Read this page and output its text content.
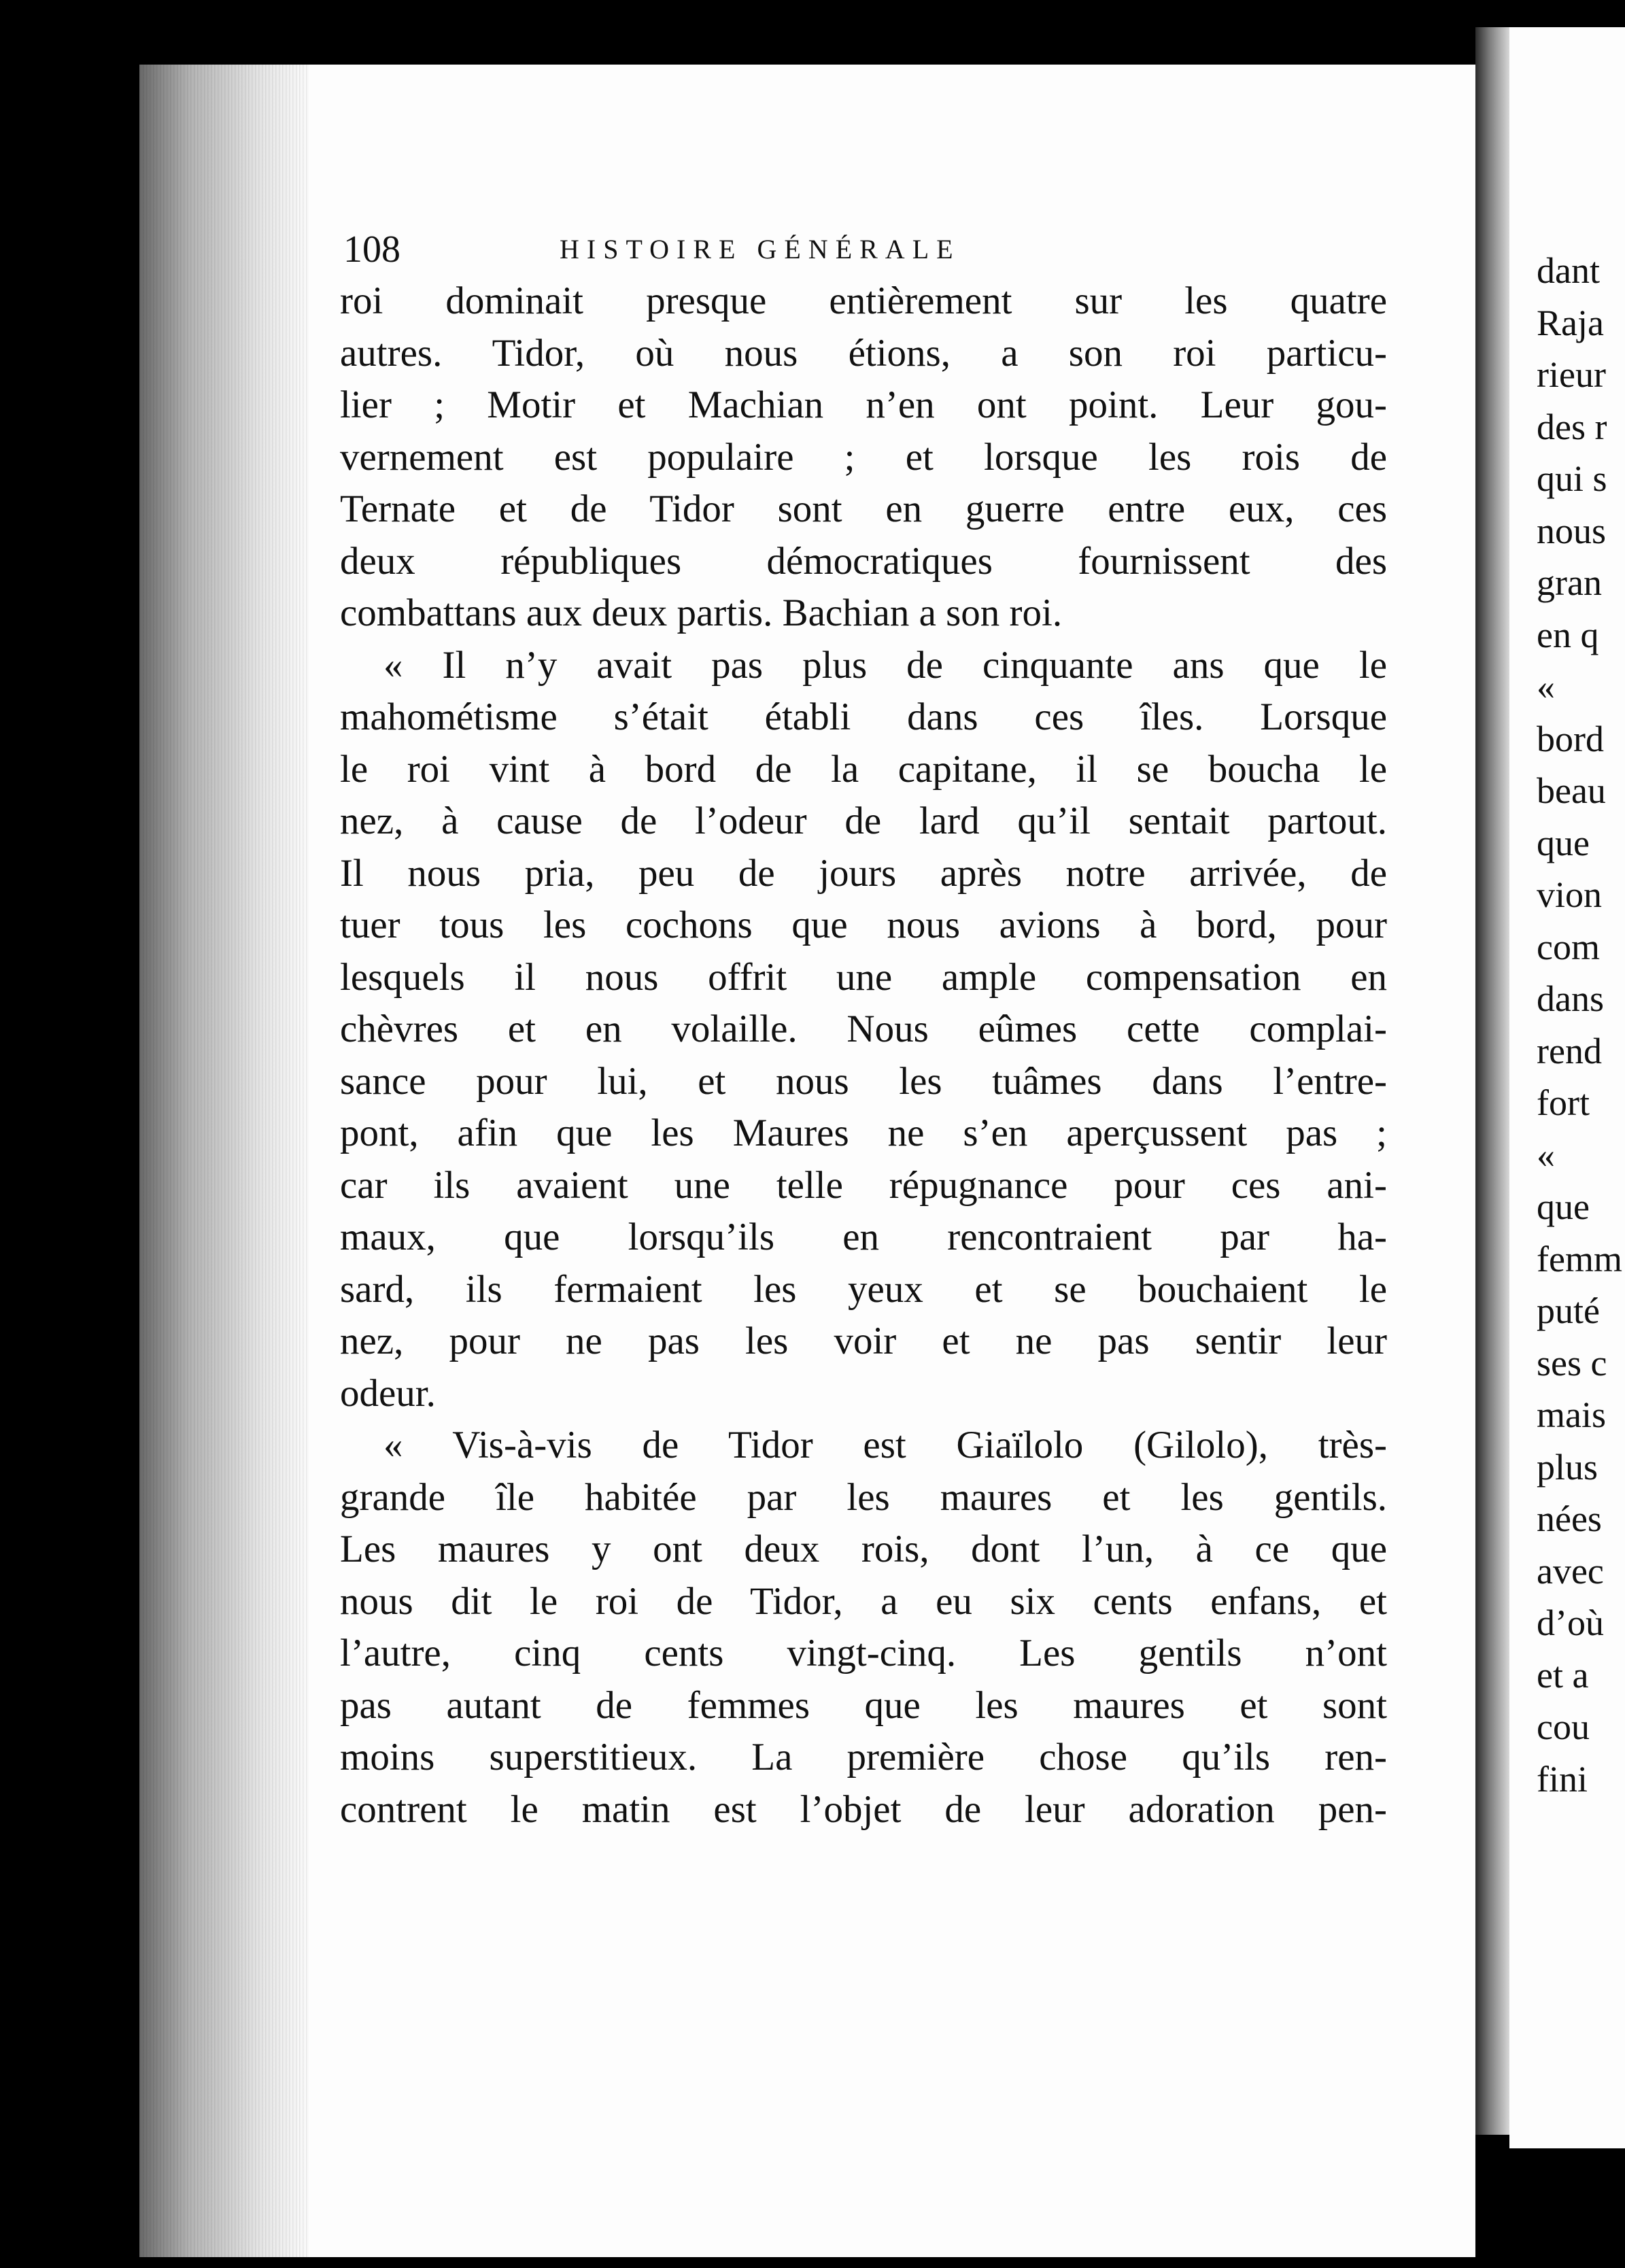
108	HISTOIRE GÉNÉRALE
roi dominait presque entièrement sur les quatre
autres. Tidor, où nous étions, a son roi particu-
lier ; Motir et Machian n’en ont point. Leur gou-
vernement est populaire ; et lorsque les rois de
Ternate et de Tidor sont en guerre entre eux, ces
deux républiques démocratiques fournissent des
combattans aux deux partis. Bachian a son roi.
« Il n’y avait pas plus de cinquante ans que le
mahométisme s’était établi dans ces îles. Lorsque
le roi vint à bord de la capitane, il se boucha le
nez, à cause de l’odeur de lard qu’il sentait partout.
Il nous pria, peu de jours après notre arrivée, de
tuer tous les cochons que nous avions à bord, pour
lesquels il nous offrit une ample compensation en
chèvres et en volaille. Nous eûmes cette complai-
sance pour lui, et nous les tuâmes dans l’entre-
pont, afin que les Maures ne s’en aperçussent pas ;
car ils avaient une telle répugnance pour ces ani-
maux, que lorsqu’ils en rencontraient par ha-
sard, ils fermaient les yeux et se bouchaient le
nez, pour ne pas les voir et ne pas sentir leur
odeur.
« Vis-à-vis de Tidor est Giaïlolo (Gilolo), très-
grande île habitée par les maures et les gentils.
Les maures y ont deux rois, dont l’un, à ce que
nous dit le roi de Tidor, a eu six cents enfans, et
l’autre, cinq cents vingt-cinq. Les gentils n’ont
pas autant de femmes que les maures et sont
moins superstitieux. La première chose qu’ils ren-
contrent le matin est l’objet de leur adoration pen-
dant
Raja
rieur
des r
qui s
nous
gran
en q
«
bord
beau
que
vion
com
dans
rend
fort
«
que
femm
puté
ses c
mais
plus
nées
avec
d’où
et a
cou
fini
